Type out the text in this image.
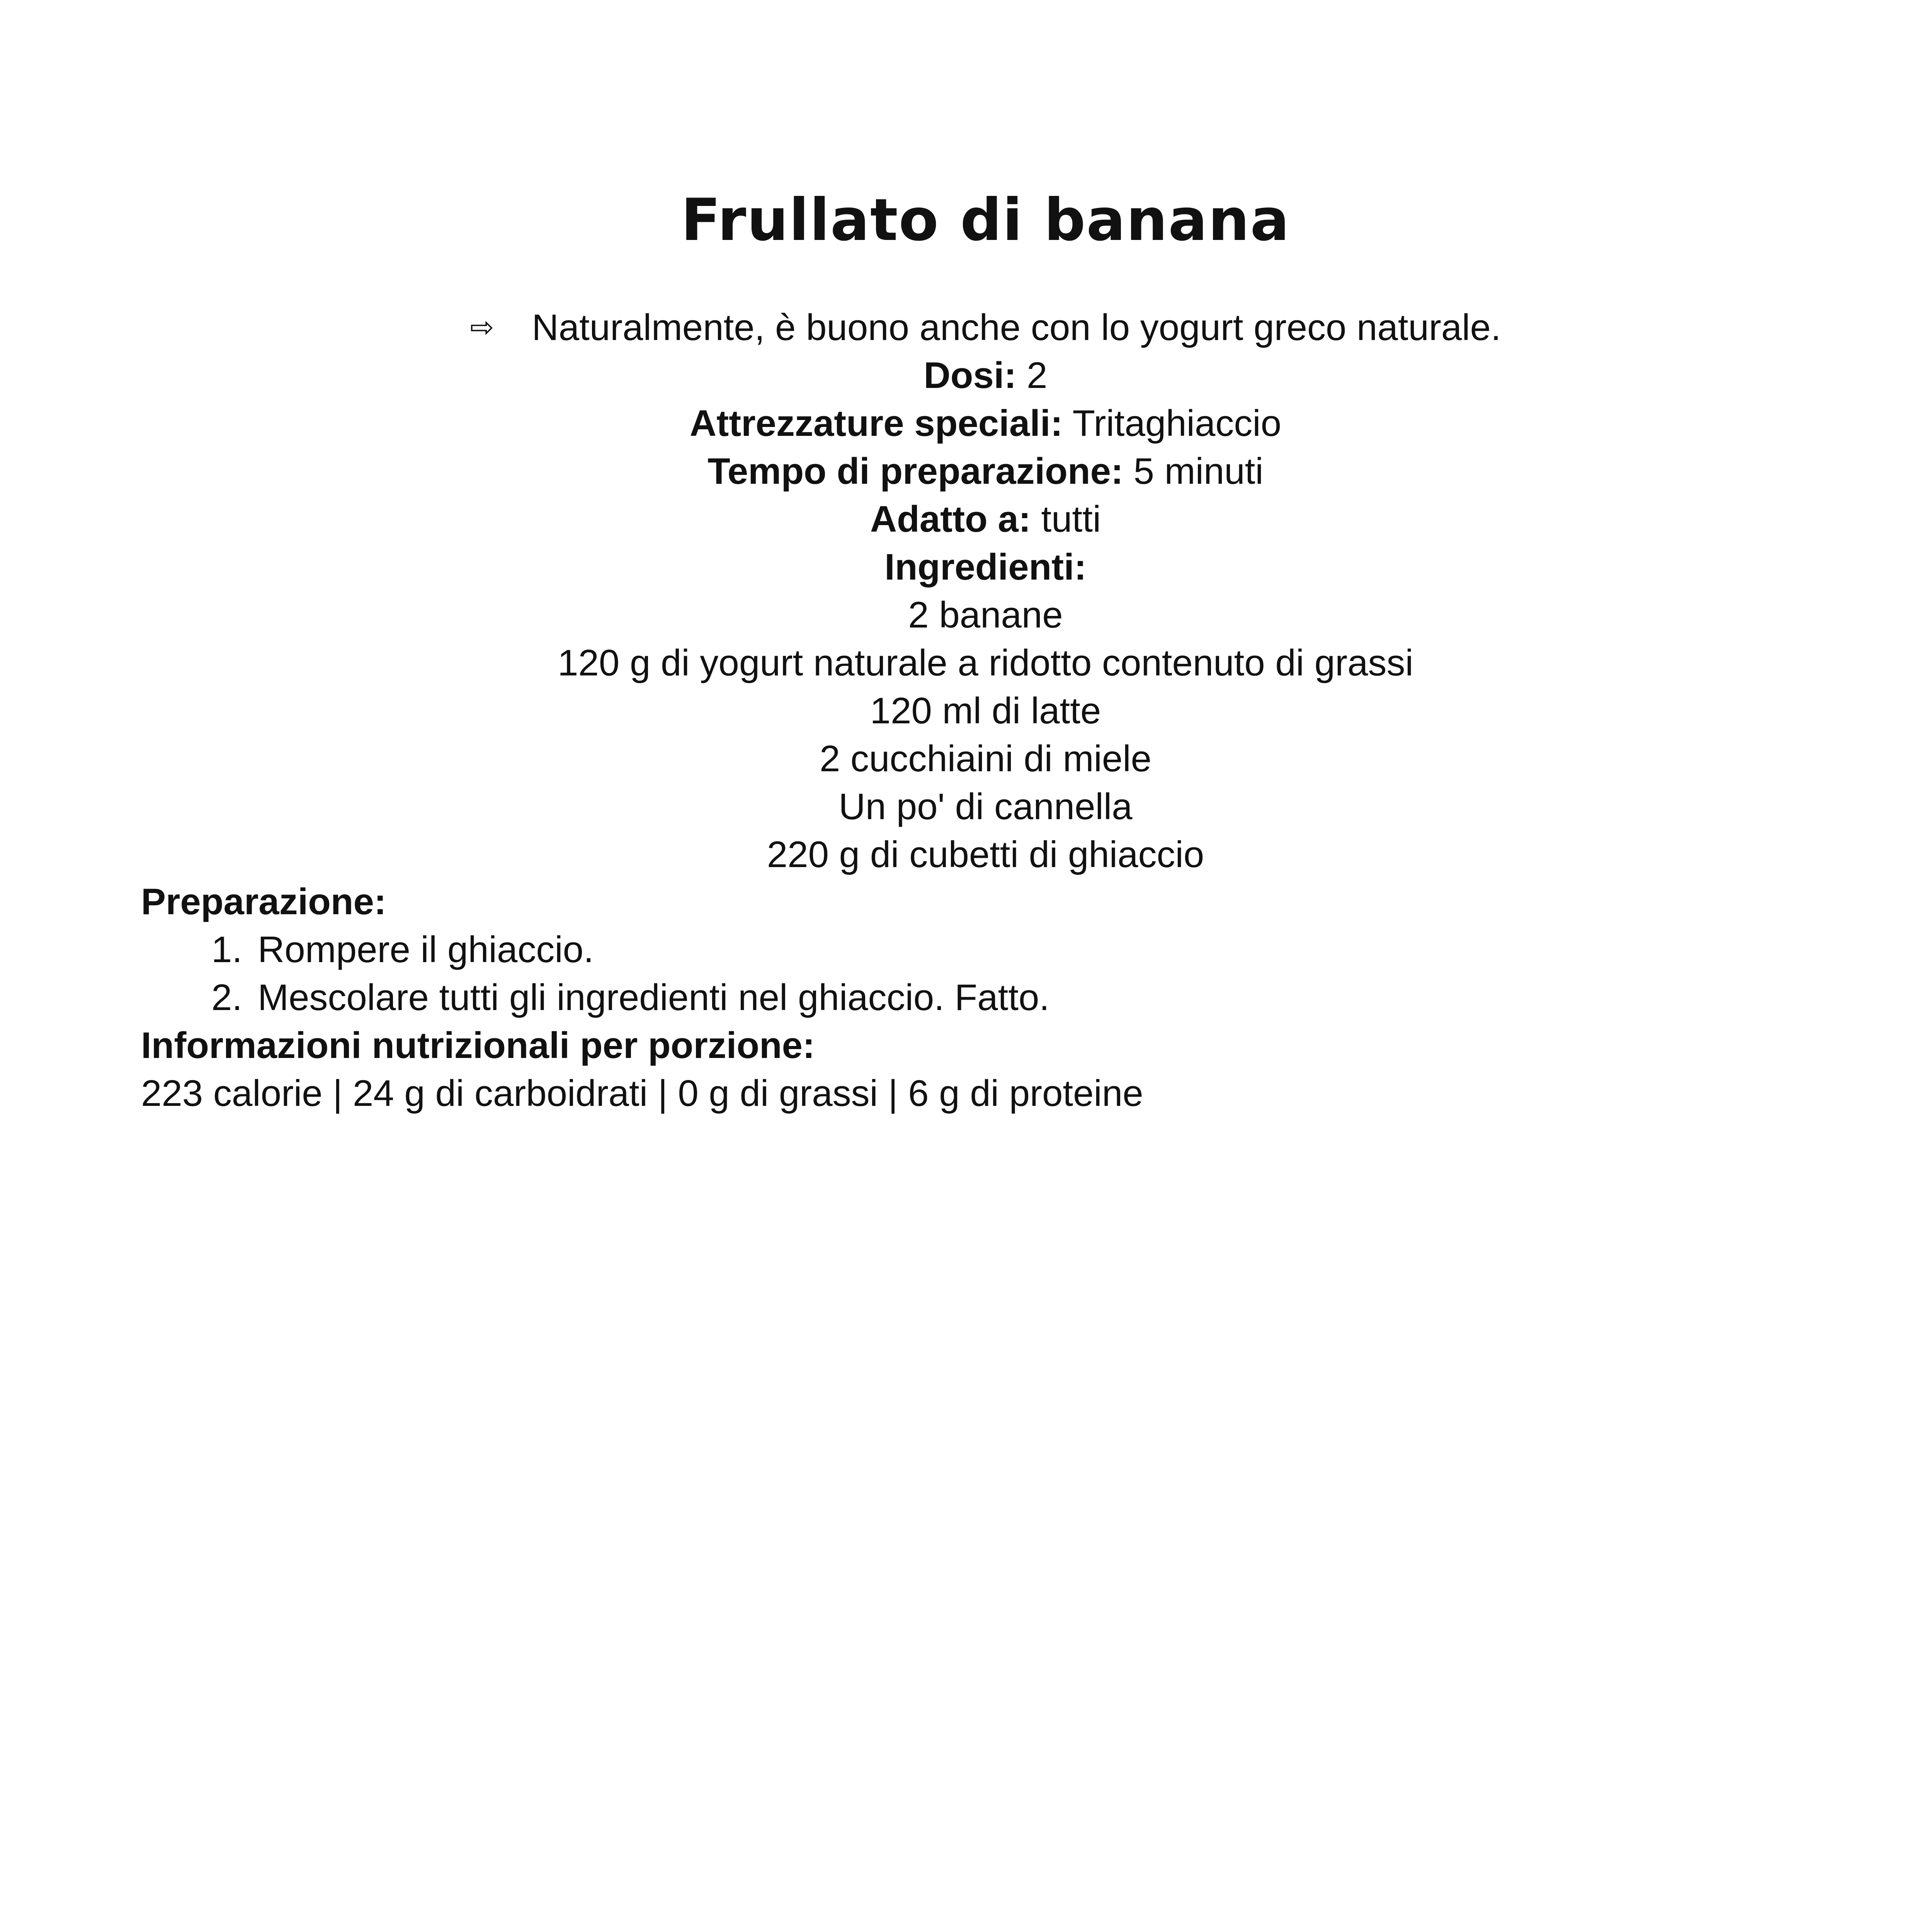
Frullato di banana
⇨ Naturalmente, è buono anche con lo yogurt greco naturale.
Dosi: 2
Attrezzature speciali: Tritaghiaccio
Tempo di preparazione: 5 minuti
Adatto a: tutti
Ingredienti:
2 banane
120 g di yogurt naturale a ridotto contenuto di grassi
120 ml di latte
2 cucchiaini di miele
Un po' di cannella
220 g di cubetti di ghiaccio
Preparazione:
1. Rompere il ghiaccio.
2. Mescolare tutti gli ingredienti nel ghiaccio. Fatto.
Informazioni nutrizionali per porzione:
223 calorie | 24 g di carboidrati | 0 g di grassi | 6 g di proteine
